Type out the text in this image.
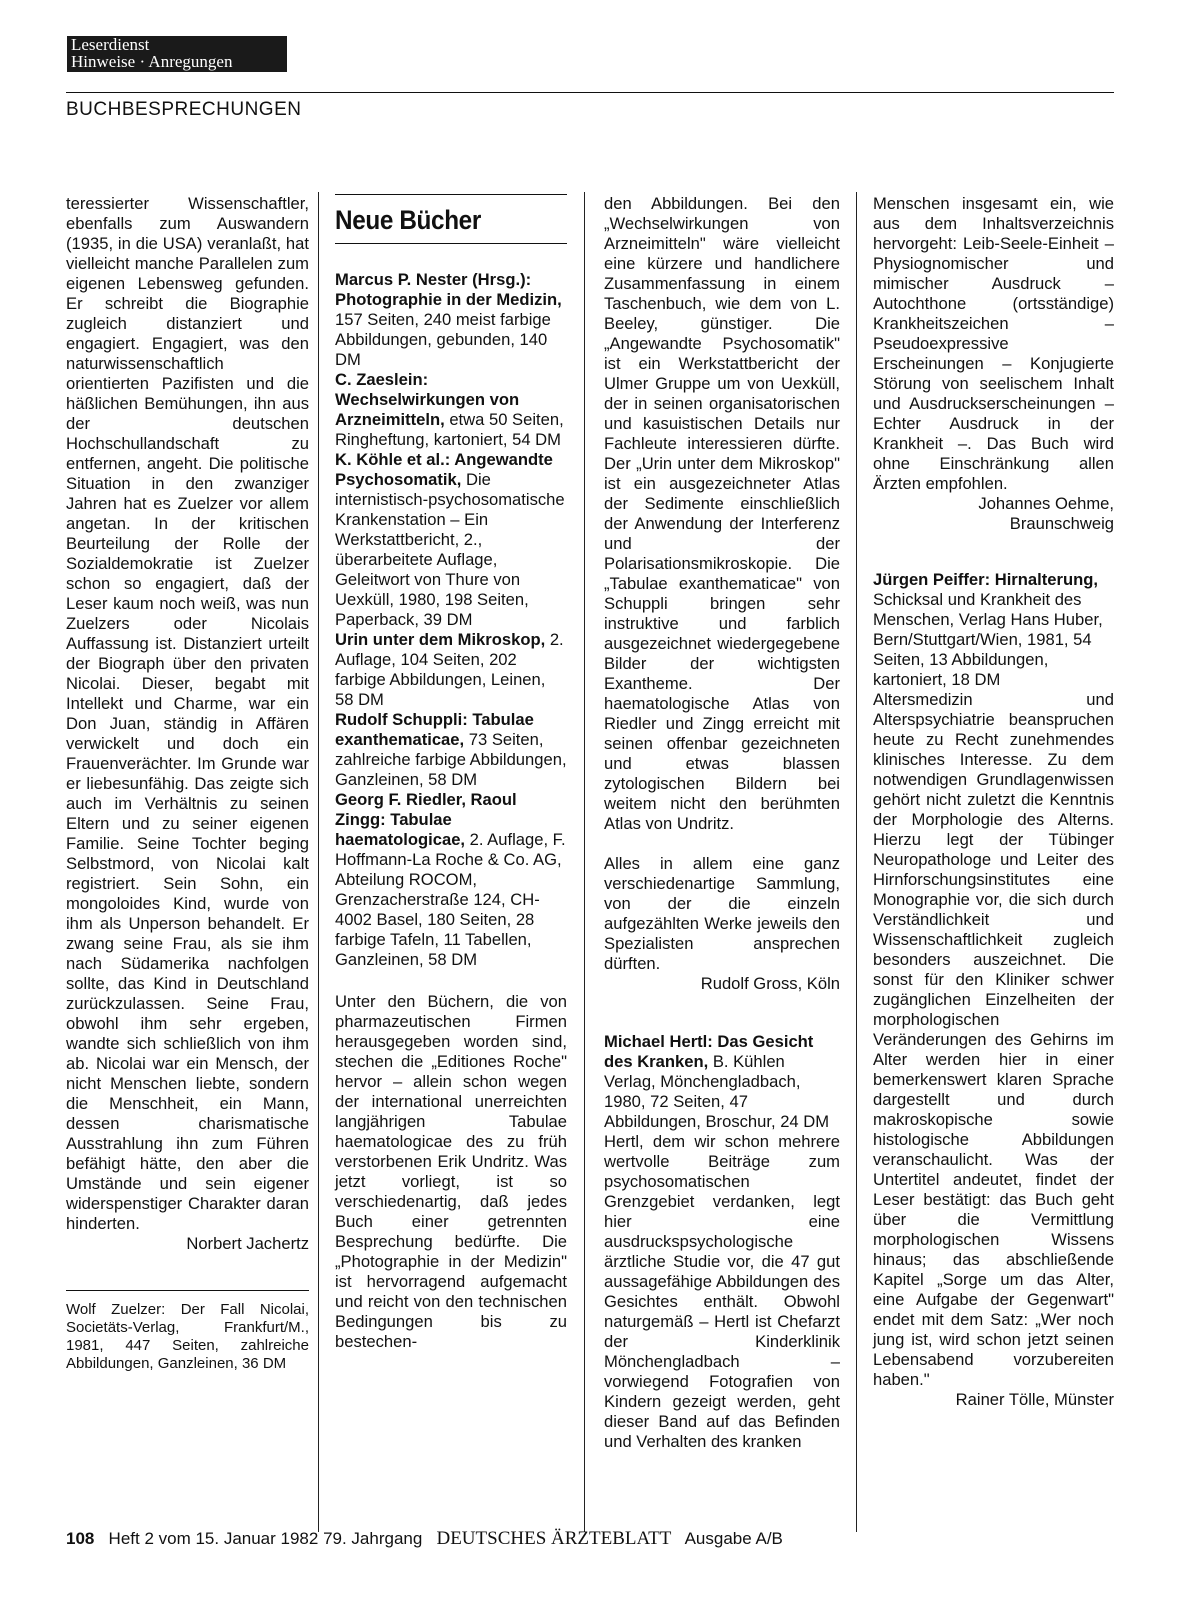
Leserdienst
Hinweise · Anregungen
BUCHBESPRECHUNGEN

teressierter Wissenschaftler, ebenfalls zum Auswandern (1935, in die USA) veranlaßt, hat vielleicht manche Parallelen zum eigenen Lebensweg gefunden. Er schreibt die Biographie zugleich distanziert und engagiert. Engagiert, was den naturwissenschaftlich orientierten Pazifisten und die häßlichen Bemühungen, ihn aus der deutschen Hochschullandschaft zu entfernen, angeht. Die politische Situation in den zwanziger Jahren hat es Zuelzer vor allem angetan. In der kritischen Beurteilung der Rolle der Sozialdemokratie ist Zuelzer schon so engagiert, daß der Leser kaum noch weiß, was nun Zuelzers oder Nicolais Auffassung ist. Distanziert urteilt der Biograph über den privaten Nicolai. Dieser, begabt mit Intellekt und Charme, war ein Don Juan, ständig in Affären verwickelt und doch ein Frauenverächter. Im Grunde war er liebesunfähig. Das zeigte sich auch im Verhältnis zu seinen Eltern und zu seiner eigenen Familie. Seine Tochter beging Selbstmord, von Nicolai kalt registriert. Sein Sohn, ein mongoloides Kind, wurde von ihm als Unperson behandelt. Er zwang seine Frau, als sie ihm nach Südamerika nachfolgen sollte, das Kind in Deutschland zurückzulassen. Seine Frau, obwohl ihm sehr ergeben, wandte sich schließlich von ihm ab. Nicolai war ein Mensch, der nicht Menschen liebte, sondern die Menschheit, ein Mann, dessen charismatische Ausstrahlung ihn zum Führen befähigt hätte, den aber die Umstände und sein eigener widerspenstiger Charakter daran hinderten.

Norbert Jachertz

Wolf Zuelzer: Der Fall Nicolai, Societäts-Verlag, Frankfurt/M., 1981, 447 Seiten, zahlreiche Abbildungen, Ganzleinen, 36 DM

Neue Bücher

Marcus P. Nester (Hrsg.): Photographie in der Medizin, 157 Seiten, 240 meist farbige Abbildungen, gebunden, 140 DM

C. Zaeslein: Wechselwirkungen von Arzneimitteln, etwa 50 Seiten, Ringheftung, kartoniert, 54 DM

K. Köhle et al.: Angewandte Psychosomatik, Die internistisch-psychosomatische Krankenstation – Ein Werkstattbericht, 2., überarbeitete Auflage, Geleitwort von Thure von Uexküll, 1980, 198 Seiten, Paperback, 39 DM

Urin unter dem Mikroskop, 2. Auflage, 104 Seiten, 202 farbige Abbildungen, Leinen, 58 DM

Rudolf Schuppli: Tabulae exanthematicae, 73 Seiten, zahlreiche farbige Abbildungen, Ganzleinen, 58 DM

Georg F. Riedler, Raoul Zingg: Tabulae haematologicae, 2. Auflage, F. Hoffmann-La Roche & Co. AG, Abteilung ROCOM, Grenzacherstraße 124, CH-4002 Basel, 180 Seiten, 28 farbige Tafeln, 11 Tabellen, Ganzleinen, 58 DM

Unter den Büchern, die von pharmazeutischen Firmen herausgegeben worden sind, stechen die „Editiones Roche" hervor – allein schon wegen der international unerreichten langjährigen Tabulae haematologicae des zu früh verstorbenen Erik Undritz. Was jetzt vorliegt, ist so verschiedenartig, daß jedes Buch einer getrennten Besprechung bedürfte. Die „Photographie in der Medizin" ist hervorragend aufgemacht und reicht von den technischen Bedingungen bis zu bestechen-

den Abbildungen. Bei den „Wechselwirkungen von Arzneimitteln" wäre vielleicht eine kürzere und handlichere Zusammenfassung in einem Taschenbuch, wie dem von L. Beeley, günstiger. Die „Angewandte Psychosomatik" ist ein Werkstattbericht der Ulmer Gruppe um von Uexküll, der in seinen organisatorischen und kasuistischen Details nur Fachleute interessieren dürfte. Der „Urin unter dem Mikroskop" ist ein ausgezeichneter Atlas der Sedimente einschließlich der Anwendung der Interferenz und der Polarisationsmikroskopie. Die „Tabulae exanthematicae" von Schuppli bringen sehr instruktive und farblich ausgezeichnet wiedergegebene Bilder der wichtigsten Exantheme. Der haematologische Atlas von Riedler und Zingg erreicht mit seinen offenbar gezeichneten und etwas blassen zytologischen Bildern bei weitem nicht den berühmten Atlas von Undritz.

Alles in allem eine ganz verschiedenartige Sammlung, von der die einzeln aufgezählten Werke jeweils den Spezialisten ansprechen dürften.

Rudolf Gross, Köln

Michael Hertl: Das Gesicht des Kranken, B. Kühlen Verlag, Mönchengladbach, 1980, 72 Seiten, 47 Abbildungen, Broschur, 24 DM

Hertl, dem wir schon mehrere wertvolle Beiträge zum psychosomatischen Grenzgebiet verdanken, legt hier eine ausdruckspsychologische ärztliche Studie vor, die 47 gut aussagefähige Abbildungen des Gesichtes enthält. Obwohl naturgemäß – Hertl ist Chefarzt der Kinderklinik Mönchengladbach – vorwiegend Fotografien von Kindern gezeigt werden, geht dieser Band auf das Befinden und Verhalten des kranken

Menschen insgesamt ein, wie aus dem Inhaltsverzeichnis hervorgeht: Leib-Seele-Einheit – Physiognomischer und mimischer Ausdruck – Autochthone (ortsständige) Krankheitszeichen – Pseudoexpressive Erscheinungen – Konjugierte Störung von seelischem Inhalt und Ausdruckserscheinungen – Echter Ausdruck in der Krankheit –. Das Buch wird ohne Einschränkung allen Ärzten empfohlen.

Johannes Oehme,

Braunschweig

Jürgen Peiffer: Hirnalterung, Schicksal und Krankheit des Menschen, Verlag Hans Huber, Bern/Stuttgart/Wien, 1981, 54 Seiten, 13 Abbildungen, kartoniert, 18 DM

Altersmedizin und Alterspsychiatrie beanspruchen heute zu Recht zunehmendes klinisches Interesse. Zu dem notwendigen Grundlagenwissen gehört nicht zuletzt die Kenntnis der Morphologie des Alterns. Hierzu legt der Tübinger Neuropathologe und Leiter des Hirnforschungsinstitutes eine Monographie vor, die sich durch Verständlichkeit und Wissenschaftlichkeit zugleich besonders auszeichnet. Die sonst für den Kliniker schwer zugänglichen Einzelheiten der morphologischen Veränderungen des Gehirns im Alter werden hier in einer bemerkenswert klaren Sprache dargestellt und durch makroskopische sowie histologische Abbildungen veranschaulicht. Was der Untertitel andeutet, findet der Leser bestätigt: das Buch geht über die Vermittlung morphologischen Wissens hinaus; das abschließende Kapitel „Sorge um das Alter, eine Aufgabe der Gegenwart" endet mit dem Satz: „Wer noch jung ist, wird schon jetzt seinen Lebensabend vorzubereiten haben."

Rainer Tölle, Münster

108 Heft 2 vom 15. Januar 1982 79. Jahrgang DEUTSCHES ÄRZTEBLATT Ausgabe A/B
